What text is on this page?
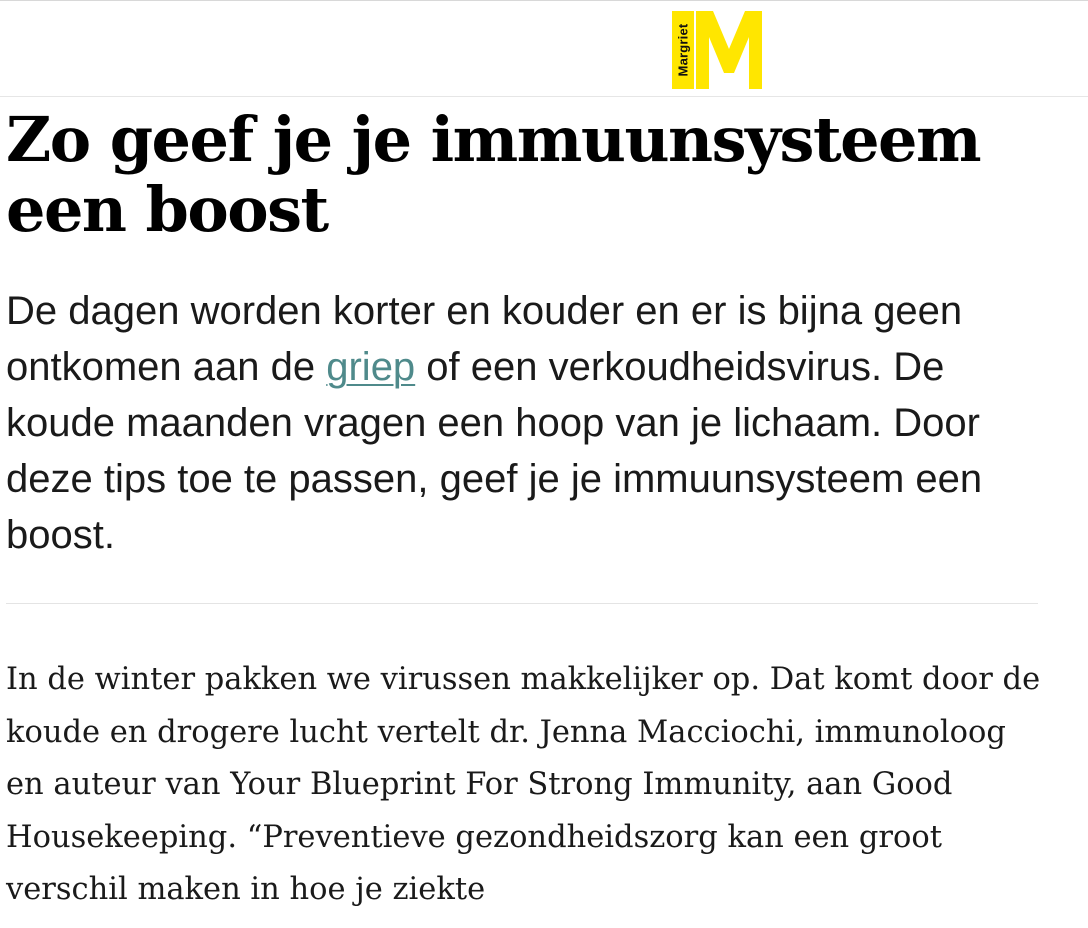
Margriet
Zo geef je je immuunsysteem een boost

De dagen worden korter en kouder en er is bijna geen ontkomen aan de griep of een verkoudheidsvirus. De koude maanden vragen een hoop van je lichaam. Door deze tips toe te passen, geef je je immuunsysteem een boost.

In de winter pakken we virussen makkelijker op. Dat komt door de koude en drogere lucht vertelt dr. Jenna Macciochi, immunoloog en auteur van Your Blueprint For Strong Immunity, aan Good Housekeeping. “Preventieve gezondheidszorg kan een groot verschil maken in hoe je ziekte
